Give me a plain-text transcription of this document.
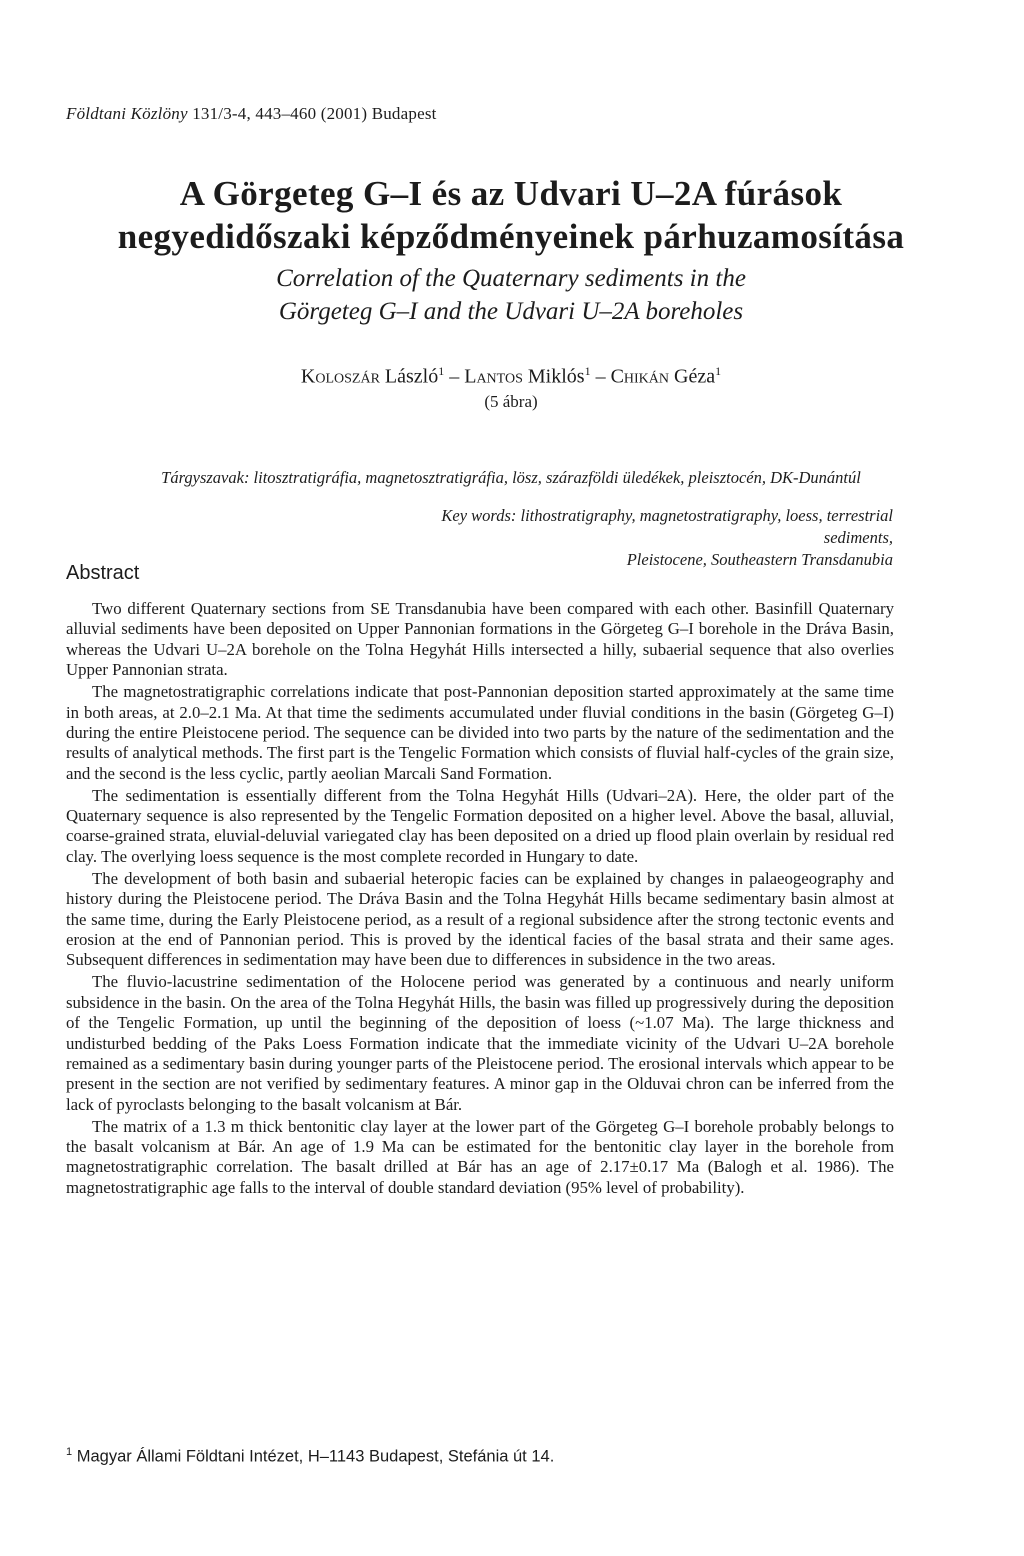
Földtani Közlöny 131/3-4, 443–460 (2001) Budapest
A Görgeteg G–I és az Udvari U–2A fúrások
negyedidőszaki képződményeinek párhuzamosítása
Correlation of the Quaternary sediments in the
Görgeteg G–I and the Udvari U–2A boreholes
Koloszár László$^1$ – Lantos Miklós$^1$ – Chikán Géza$^1$
(5 ábra)
Tárgyszavak: litosztratigráfia, magnetosztratigráfia, lösz, szárazföldi üledékek, pleisztocén, DK-Dunántúl
Key words: lithostratigraphy, magnetostratigraphy, loess, terrestrial sediments,
Pleistocene, Southeastern Transdanubia
Abstract

Two different Quaternary sections from SE Transdanubia have been compared with each other. Basinfill Quaternary alluvial sediments have been deposited on Upper Pannonian formations in the Görgeteg G–I borehole in the Dráva Basin, whereas the Udvari U–2A borehole on the Tolna Hegyhát Hills intersected a hilly, subaerial sequence that also overlies Upper Pannonian strata.

The magnetostratigraphic correlations indicate that post-Pannonian deposition started approximately at the same time in both areas, at 2.0–2.1 Ma. At that time the sediments accumulated under fluvial conditions in the basin (Görgeteg G–I) during the entire Pleistocene period. The sequence can be divided into two parts by the nature of the sedimentation and the results of analytical methods. The first part is the Tengelic Formation which consists of fluvial half-cycles of the grain size, and the second is the less cyclic, partly aeolian Marcali Sand Formation.

The sedimentation is essentially different from the Tolna Hegyhát Hills (Udvari–2A). Here, the older part of the Quaternary sequence is also represented by the Tengelic Formation deposited on a higher level. Above the basal, alluvial, coarse-grained strata, eluvial-deluvial variegated clay has been deposited on a dried up flood plain overlain by residual red clay. The overlying loess sequence is the most complete recorded in Hungary to date.

The development of both basin and subaerial heteropic facies can be explained by changes in palaeogeography and history during the Pleistocene period. The Dráva Basin and the Tolna Hegyhát Hills became sedimentary basin almost at the same time, during the Early Pleistocene period, as a result of a regional subsidence after the strong tectonic events and erosion at the end of Pannonian period. This is proved by the identical facies of the basal strata and their same ages. Subsequent differences in sedimentation may have been due to differences in subsidence in the two areas.

The fluvio-lacustrine sedimentation of the Holocene period was generated by a continuous and nearly uniform subsidence in the basin. On the area of the Tolna Hegyhát Hills, the basin was filled up progressively during the deposition of the Tengelic Formation, up until the beginning of the deposition of loess (~1.07 Ma). The large thickness and undisturbed bedding of the Paks Loess Formation indicate that the immediate vicinity of the Udvari U–2A borehole remained as a sedimentary basin during younger parts of the Pleistocene period. The erosional intervals which appear to be present in the section are not verified by sedimentary features. A minor gap in the Olduvai chron can be inferred from the lack of pyroclasts belonging to the basalt volcanism at Bár.

The matrix of a 1.3 m thick bentonitic clay layer at the lower part of the Görgeteg G–I borehole probably belongs to the basalt volcanism at Bár. An age of 1.9 Ma can be estimated for the bentonitic clay layer in the borehole from magnetostratigraphic correlation. The basalt drilled at Bár has an age of 2.17±0.17 Ma (Balogh et al. 1986). The magnetostratigraphic age falls to the interval of double standard deviation (95% level of probability).

$^1$ Magyar Állami Földtani Intézet, H–1143 Budapest, Stefánia út 14.
